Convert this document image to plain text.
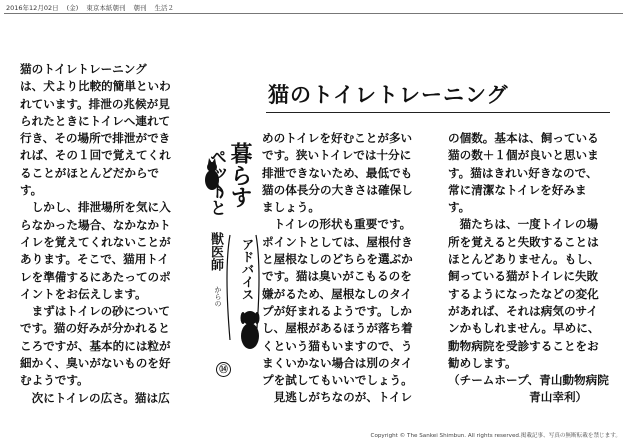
2016年12月02日 (金) 東京本紙朝刊 朝刊 生活２
猫のトイレトレーニング
は、犬より比較的簡単といわ
れています。排泄の兆候が見
られたときにトイレへ連れて
行き、その場所で排泄ができ
れば、その１回で覚えてくれ
ることがほとんどだからで
す。
　しかし、排泄場所を気に入
らなかった場合、なかなかト
イレを覚えてくれないことが
あります。そこで、猫用トイ
レを準備するにあたってのポ
イントをお伝えします。
　まずはトイレの砂について
です。猫の好みが分かれると
ころですが、基本的には粒が
細かく、臭いがないものを好
むようです。
　次にトイレの広さ。猫は広
ペットと 暮らす
獣医師
からの アドバイス
⑭
猫のトイレトレーニング
めのトイレを好むことが多い
です。狭いトイレでは十分に
排泄できないため、最低でも
猫の体長分の大きさは確保し
ましょう。
　トイレの形状も重要です。
ポイントとしては、屋根付き
と屋根なしのどちらを選ぶか
です。猫は臭いがこもるのを
嫌がるため、屋根なしのタイ
プが好まれるようです。しか
し、屋根があるほうが落ち着
くという猫もいますので、う
まくいかない場合は別のタイ
プを試してもいいでしょう。
　見逃しがちなのが、トイレ
の個数。基本は、飼っている
猫の数＋１個が良いと思いま
す。猫はきれい好きなので、
常に清潔なトイレを好みま
す。
　猫たちは、一度トイレの場
所を覚えると失敗することは
ほとんどありません。もし、
飼っている猫がトイレに失敗
するようになったなどの変化
があれば、それは病気のサイ
ンかもしれません。早めに、
動物病院を受診することをお
勧めします。
（チームホープ、青山動物病院
　　　　　　　青山幸利）
Copyright © The Sankei Shimbun. All rights reserved.掲載記事、写真の無断転載を禁じます。
